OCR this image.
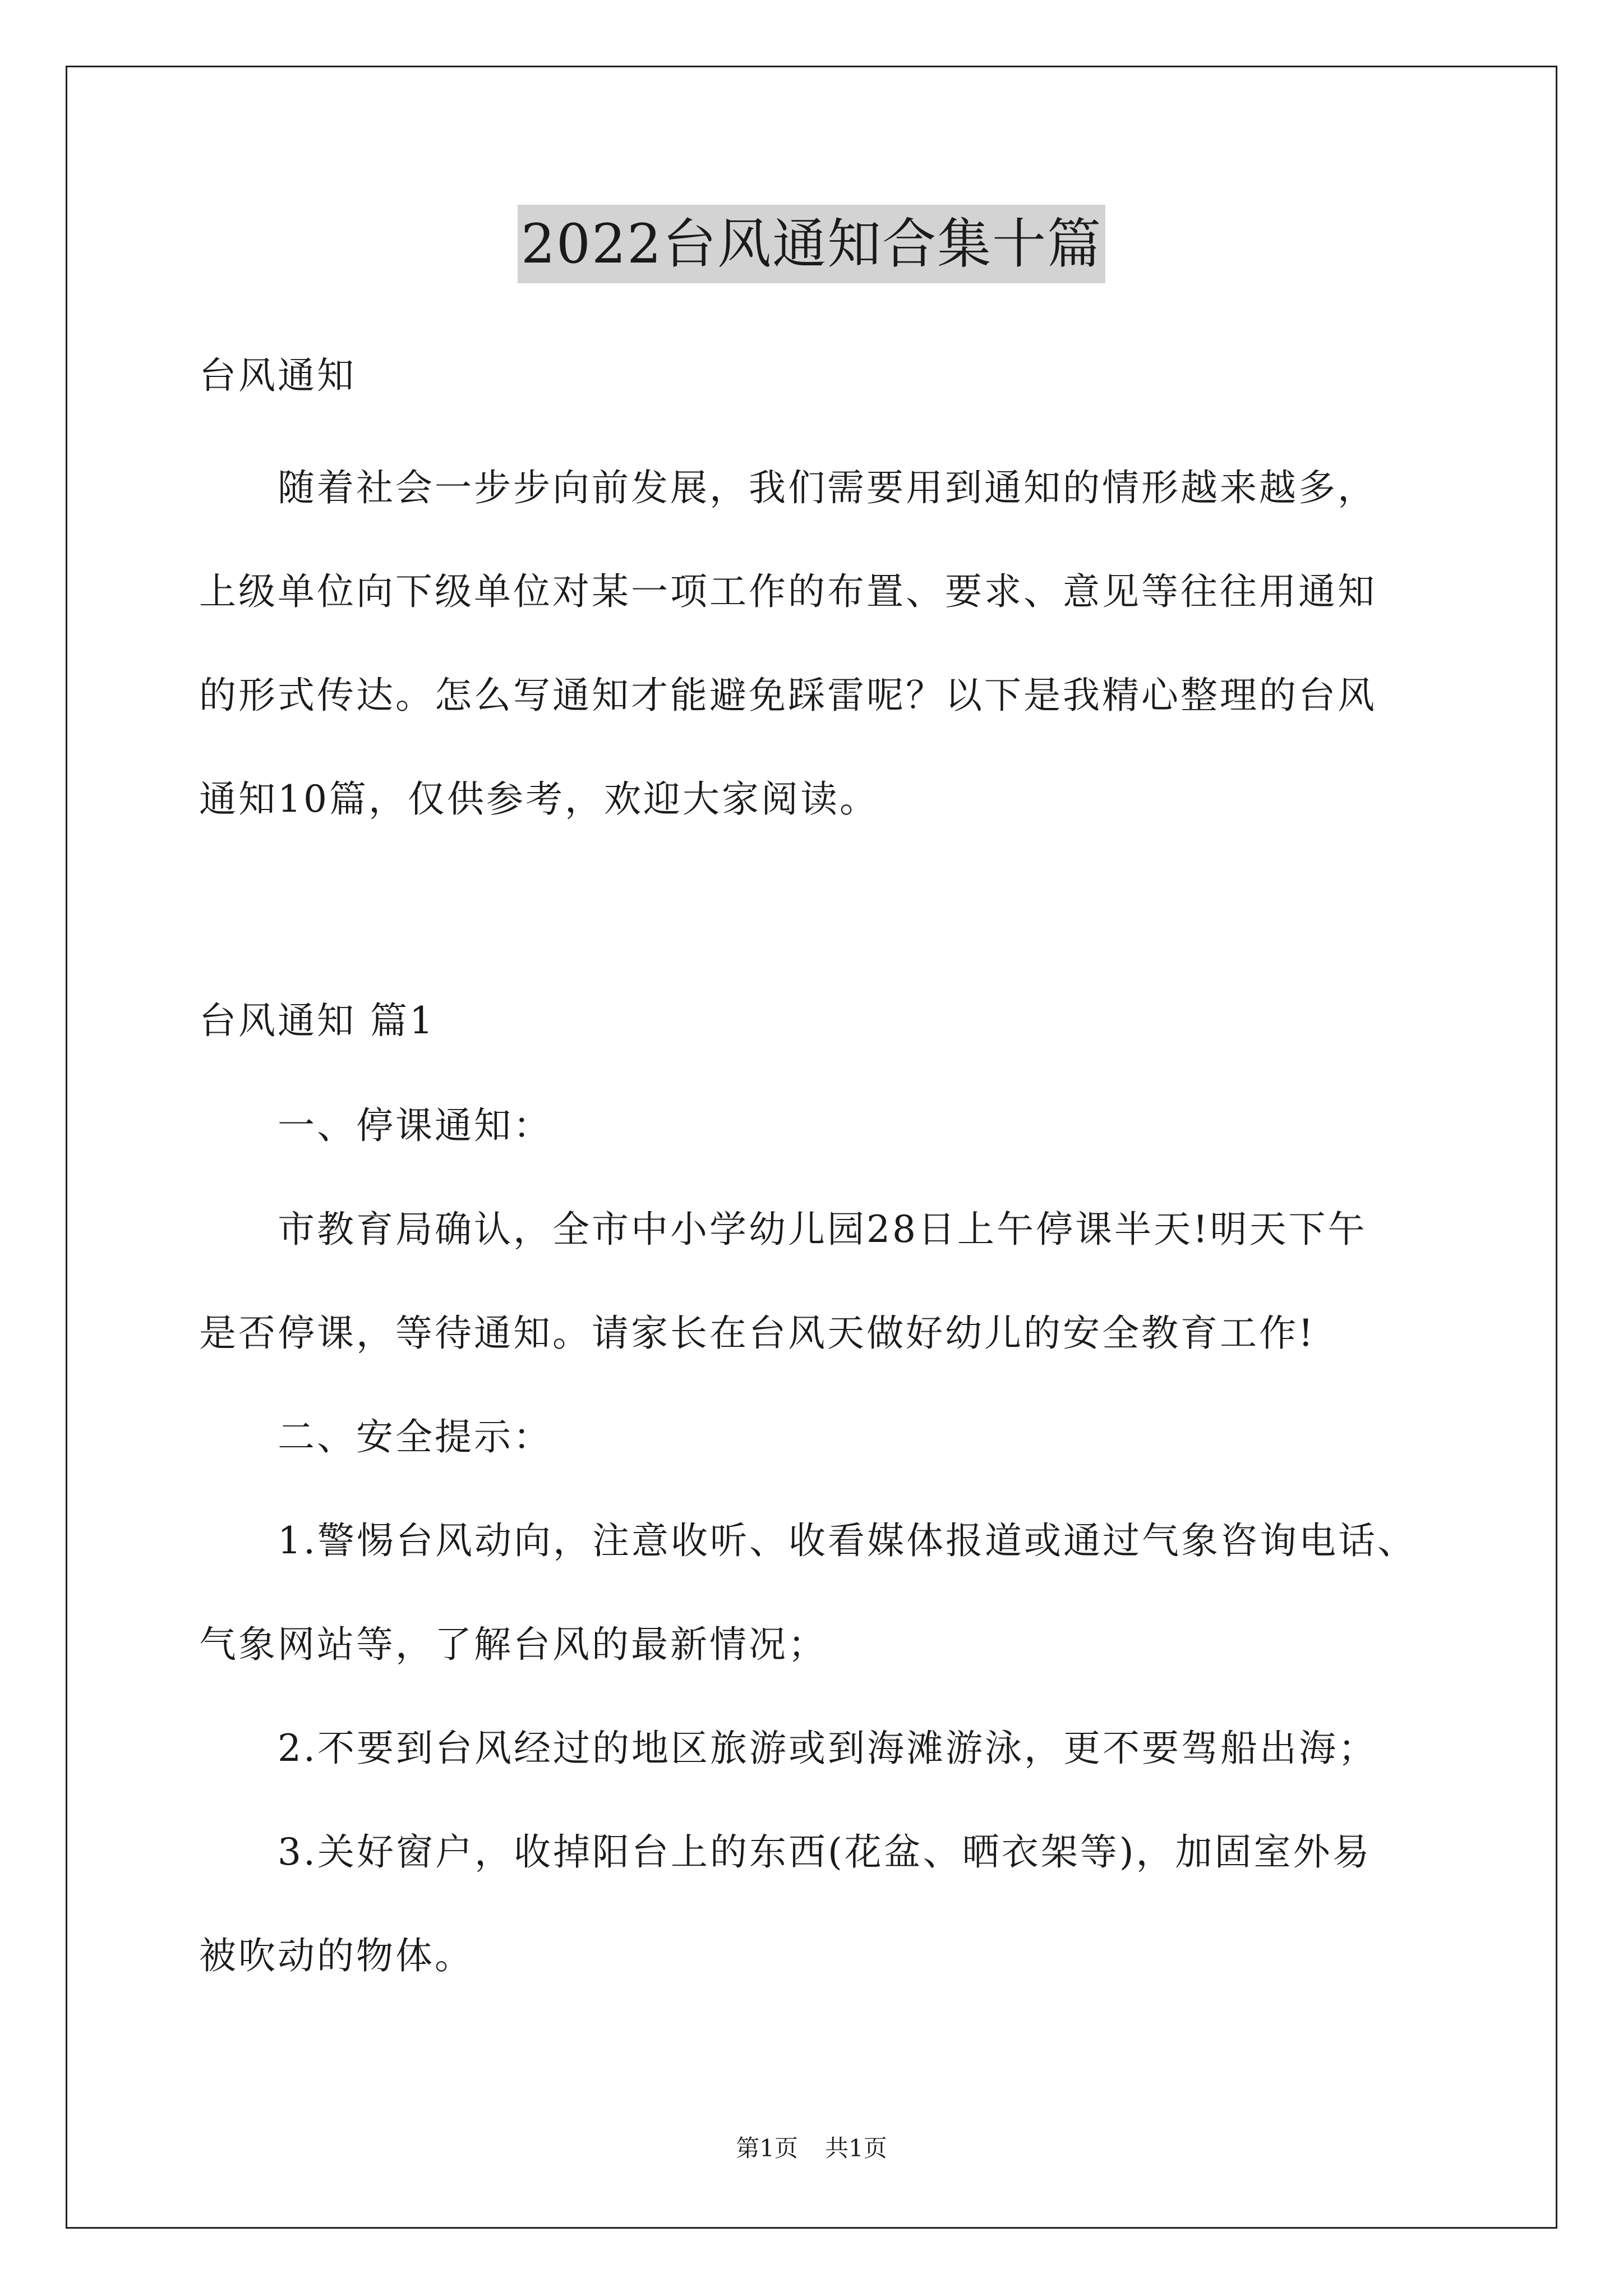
2022台风通知合集十篇
台风通知
随着社会一步步向前发展，我们需要用到通知的情形越来越多，
上级单位向下级单位对某一项工作的布置、要求、意见等往往用通知
的形式传达。怎么写通知才能避免踩雷呢？以下是我精心整理的台风
通知10篇，仅供参考，欢迎大家阅读。
台风通知 篇1
一、停课通知：
市教育局确认，全市中小学幼儿园28日上午停课半天!明天下午
是否停课，等待通知。请家长在台风天做好幼儿的安全教育工作!
二、安全提示：
1.警惕台风动向，注意收听、收看媒体报道或通过气象咨询电话、
气象网站等，了解台风的最新情况；
2.不要到台风经过的地区旅游或到海滩游泳，更不要驾船出海；
3.关好窗户，收掉阳台上的东西(花盆、晒衣架等)，加固室外易
被吹动的物体。
第1页 共1页
